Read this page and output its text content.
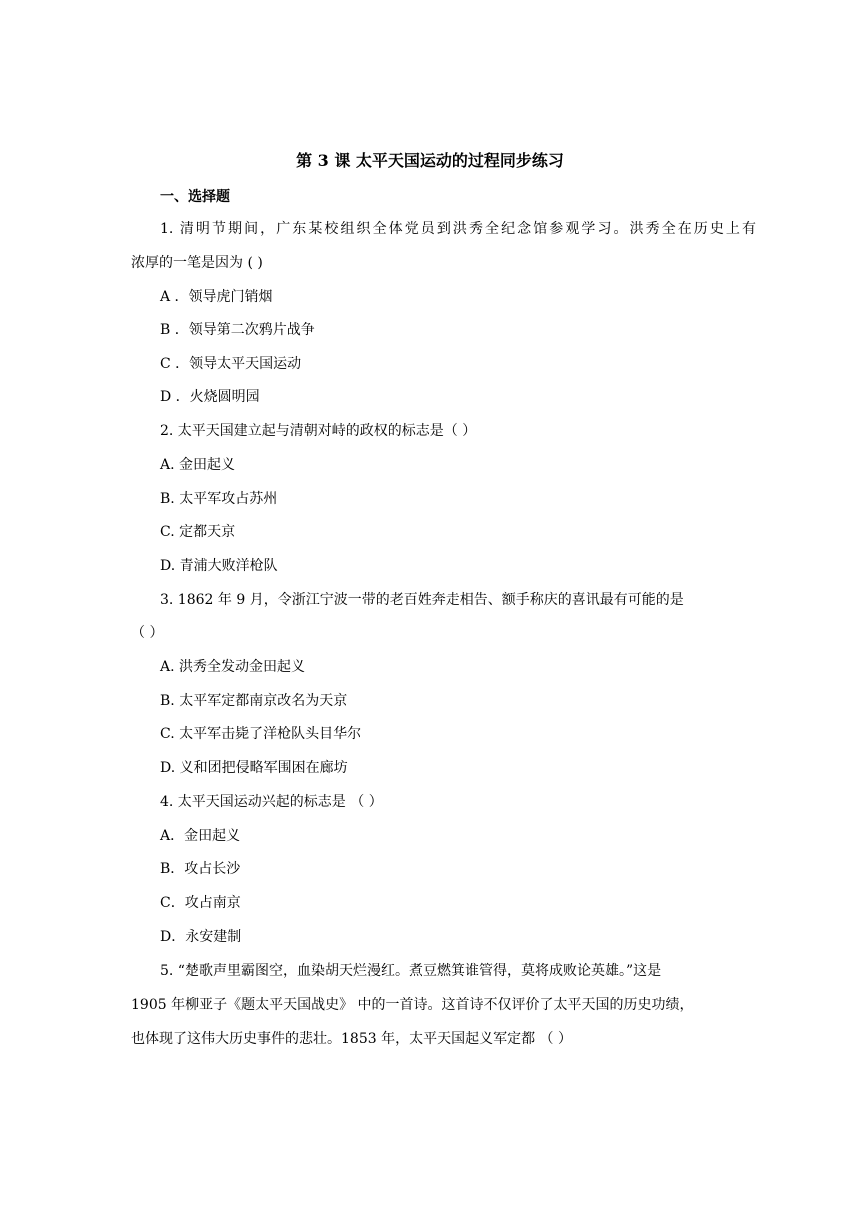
第 3 课 太平天国运动的过程同步练习
一、选择题
1. 清明节期间，广东某校组织全体党员到洪秀全纪念馆参观学习。洪秀全在历史上有
浓厚的一笔是因为 ( )
A ．领导虎门销烟
B ．领导第二次鸦片战争
C ．领导太平天国运动
D ．火烧圆明园
2. 太平天国建立起与清朝对峙的政权的标志是（ ）
A. 金田起义
B. 太平军攻占苏州
C. 定都天京
D. 青浦大败洋枪队
3. 1862 年 9 月，令浙江宁波一带的老百姓奔走相告、额手称庆的喜讯最有可能的是
（ ）
A. 洪秀全发动金田起义
B. 太平军定都南京改名为天京
C. 太平军击毙了洋枪队头目华尔
D. 义和团把侵略军围困在廊坊
4. 太平天国运动兴起的标志是 （ ）
A．金田起义
B．攻占长沙
C．攻占南京
D．永安建制
5. “楚歌声里霸图空，血染胡天烂漫红。煮豆燃箕谁管得，莫将成败论英雄。”这是
1905 年柳亚子《题太平天国战史》 中的一首诗。这首诗不仅评价了太平天国的历史功绩，
也体现了这伟大历史事件的悲壮。1853 年，太平天国起义军定都 （ ）
